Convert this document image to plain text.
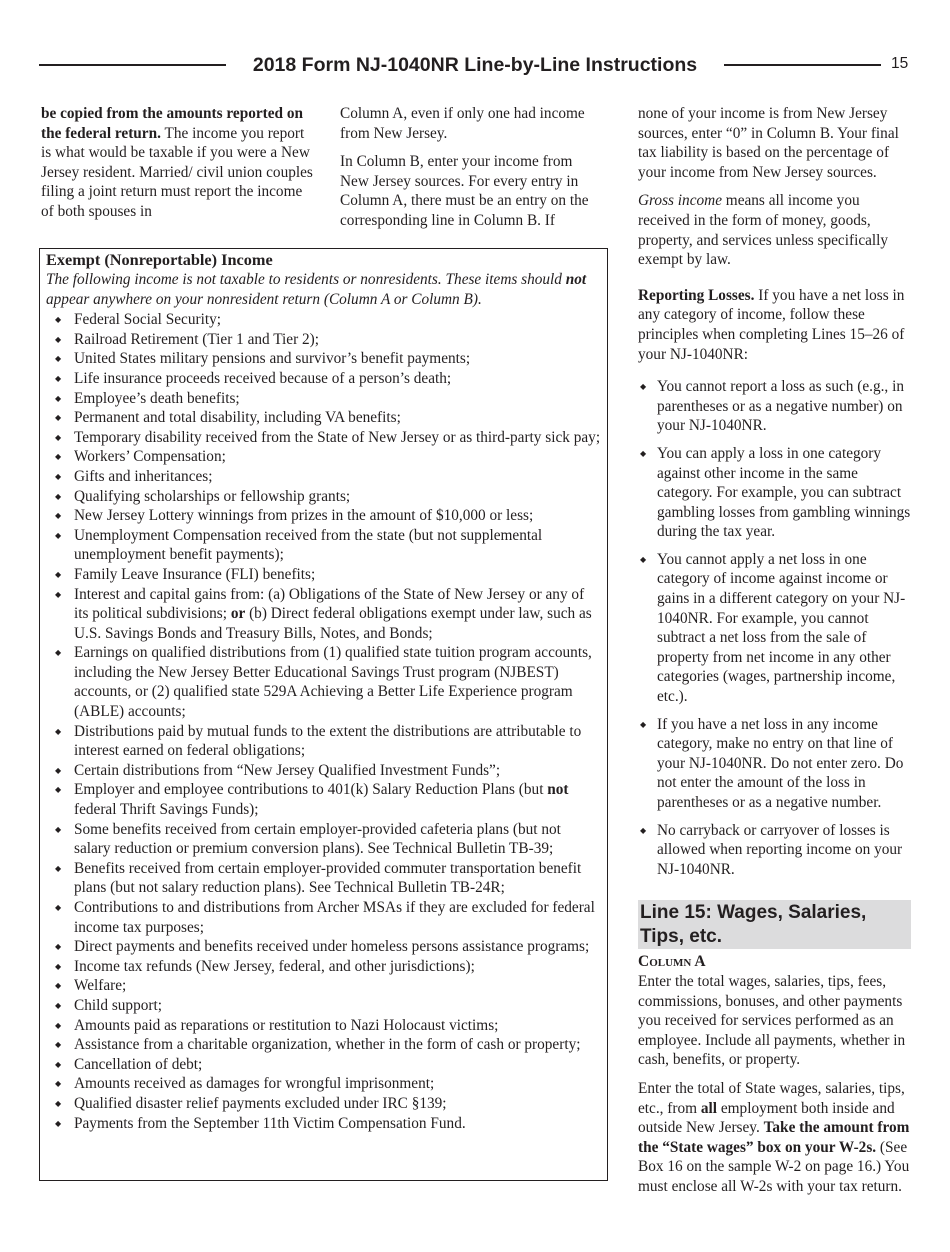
2018 Form NJ-1040NR Line-by-Line Instructions	15

be copied from the amounts reported on the federal return. The income you report is what would be taxable if you were a New Jersey resident. Married/ civil union couples filing a joint return must report the income of both spouses in

Column A, even if only one had income from New Jersey.

In Column B, enter your income from New Jersey sources. For every entry in Column A, there must be an entry on the corresponding line in Column B. If

Exempt (Nonreportable) Income
The following income is not taxable to residents or nonresidents. These items should not appear anywhere on your nonresident return (Column A or Column B).
◆ Federal Social Security;
◆ Railroad Retirement (Tier 1 and Tier 2);
◆ United States military pensions and survivor’s benefit payments;
◆ Life insurance proceeds received because of a person’s death;
◆ Employee’s death benefits;
◆ Permanent and total disability, including VA benefits;
◆ Temporary disability received from the State of New Jersey or as third-party sick pay;
◆ Workers’ Compensation;
◆ Gifts and inheritances;
◆ Qualifying scholarships or fellowship grants;
◆ New Jersey Lottery winnings from prizes in the amount of $10,000 or less;
◆ Unemployment Compensation received from the state (but not supplemental unemployment benefit payments);
◆ Family Leave Insurance (FLI) benefits;
◆ Interest and capital gains from: (a) Obligations of the State of New Jersey or any of its political subdivisions; or (b) Direct federal obligations exempt under law, such as U.S. Savings Bonds and Treasury Bills, Notes, and Bonds;
◆ Earnings on qualified distributions from (1) qualified state tuition program accounts, including the New Jersey Better Educational Savings Trust program (NJBEST) accounts, or (2) qualified state 529A Achieving a Better Life Experience program (ABLE) accounts;
◆ Distributions paid by mutual funds to the extent the distributions are attributable to interest earned on federal obligations;
◆ Certain distributions from “New Jersey Qualified Investment Funds”;
◆ Employer and employee contributions to 401(k) Salary Reduction Plans (but not federal Thrift Savings Funds);
◆ Some benefits received from certain employer-provided cafeteria plans (but not salary reduction or premium conversion plans). See Technical Bulletin TB-39;
◆ Benefits received from certain employer-provided commuter transportation benefit plans (but not salary reduction plans). See Technical Bulletin TB-24R;
◆ Contributions to and distributions from Archer MSAs if they are excluded for federal income tax purposes;
◆ Direct payments and benefits received under homeless persons assistance programs;
◆ Income tax refunds (New Jersey, federal, and other jurisdictions);
◆ Welfare;
◆ Child support;
◆ Amounts paid as reparations or restitution to Nazi Holocaust victims;
◆ Assistance from a charitable organization, whether in the form of cash or property;
◆ Cancellation of debt;
◆ Amounts received as damages for wrongful imprisonment;
◆ Qualified disaster relief payments excluded under IRC §139;
◆ Payments from the September 11th Victim Compensation Fund.

none of your income is from New Jersey sources, enter “0” in Column B. Your final tax liability is based on the percentage of your income from New Jersey sources.

Gross income means all income you received in the form of money, goods, property, and services unless specifically exempt by law.

Reporting Losses. If you have a net loss in any category of income, follow these principles when completing Lines 15–26 of your NJ-1040NR:

◆ You cannot report a loss as such (e.g., in parentheses or as a negative number) on your NJ-1040NR.
◆ You can apply a loss in one category against other income in the same category. For example, you can subtract gambling losses from gambling winnings during the tax year.
◆ You cannot apply a net loss in one category of income against income or gains in a different category on your NJ-1040NR. For example, you cannot subtract a net loss from the sale of property from net income in any other categories (wages, partnership income, etc.).
◆ If you have a net loss in any income category, make no entry on that line of your NJ-1040NR. Do not enter zero. Do not enter the amount of the loss in parentheses or as a negative number.
◆ No carryback or carryover of losses is allowed when reporting income on your NJ-1040NR.
Line 15: Wages, Salaries, Tips, etc.
Column A

Enter the total wages, salaries, tips, fees, commissions, bonuses, and other payments you received for services performed as an employee. Include all payments, whether in cash, benefits, or property.

Enter the total of State wages, salaries, tips, etc., from all employment both inside and outside New Jersey. Take the amount from the “State wages” box on your W-2s. (See Box 16 on the sample W-2 on page 16.) You must enclose all W-2s with your tax return.
